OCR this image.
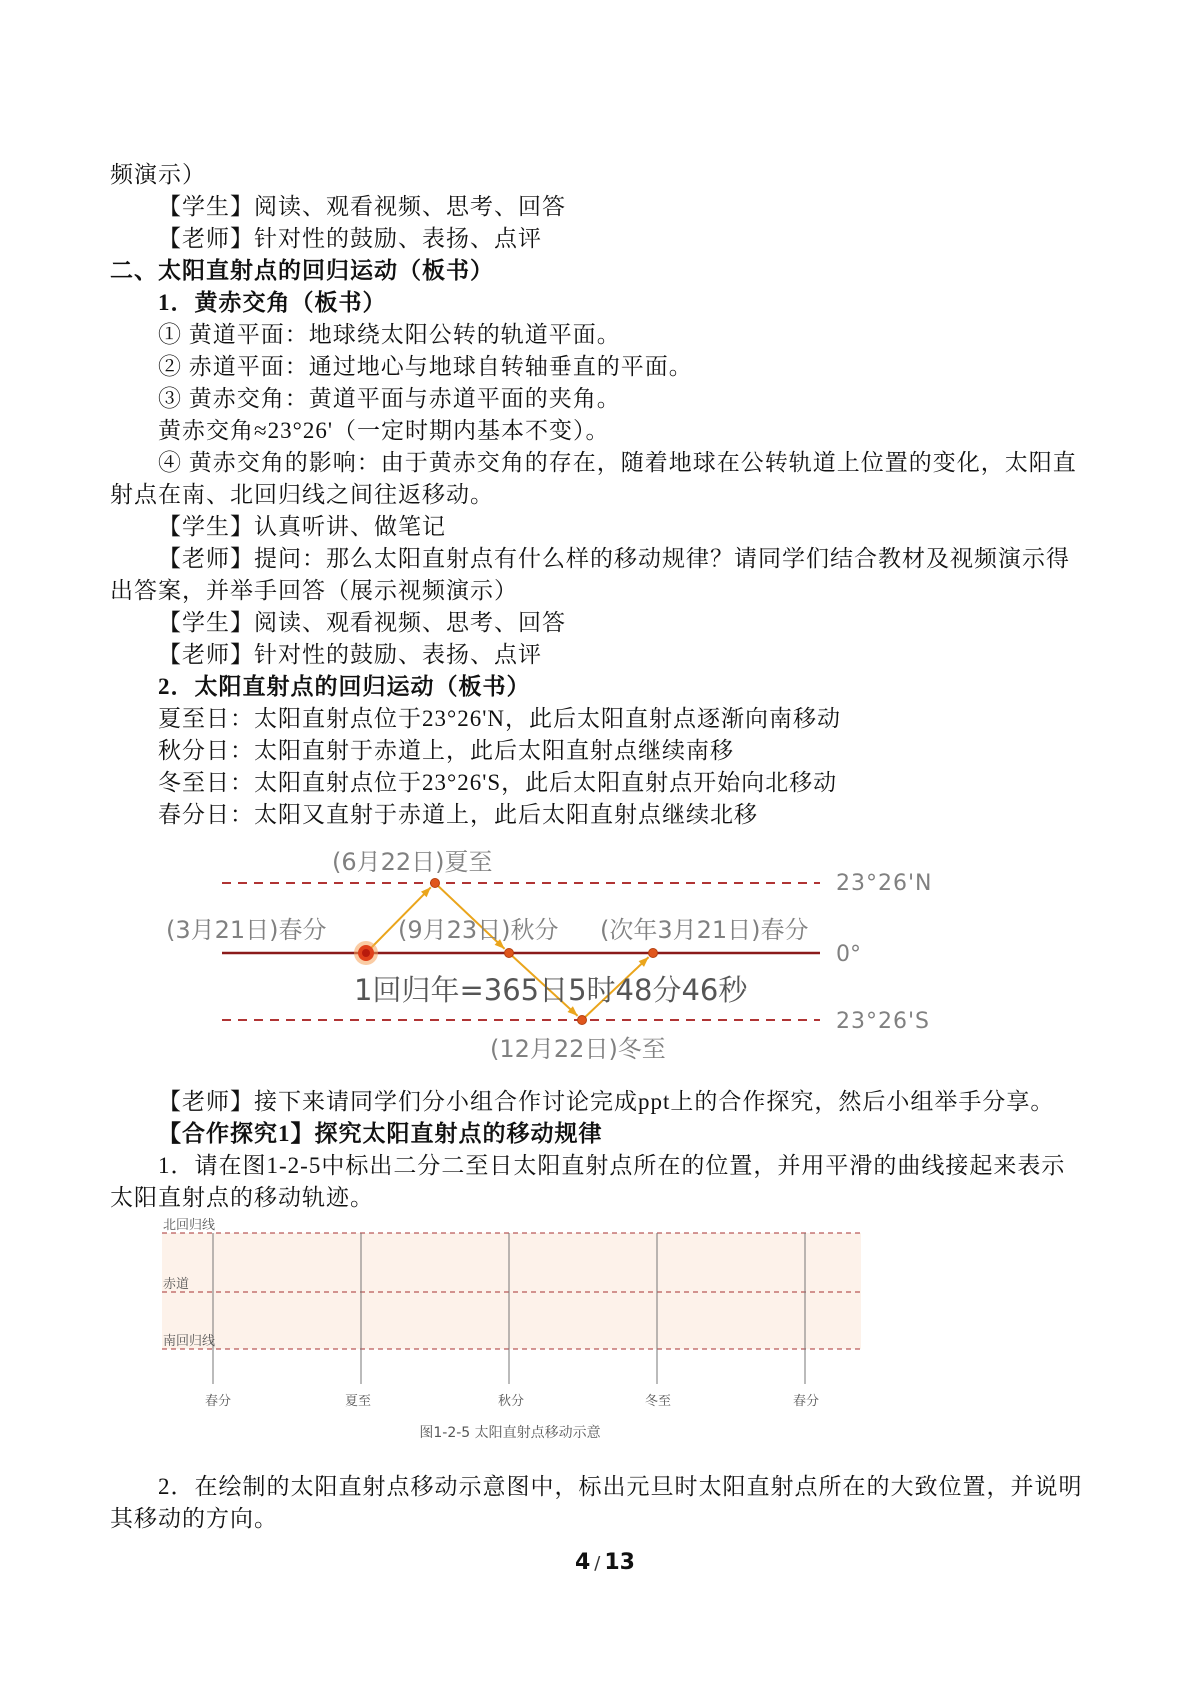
频演示）
【学生】阅读、观看视频、思考、回答
【老师】针对性的鼓励、表扬、点评
二、太阳直射点的回归运动（板书）
1．黄赤交角（板书）
① 黄道平面：地球绕太阳公转的轨道平面。
② 赤道平面：通过地心与地球自转轴垂直的平面。
③ 黄赤交角：黄道平面与赤道平面的夹角。
黄赤交角≈23°26'（一定时期内基本不变）。
④ 黄赤交角的影响：由于黄赤交角的存在，随着地球在公转轨道上位置的变化，太阳直
射点在南、北回归线之间往返移动。
【学生】认真听讲、做笔记
【老师】提问：那么太阳直射点有什么样的移动规律？请同学们结合教材及视频演示得
出答案，并举手回答（展示视频演示）
【学生】阅读、观看视频、思考、回答
【老师】针对性的鼓励、表扬、点评
2．太阳直射点的回归运动（板书）
夏至日：太阳直射点位于23°26'N，此后太阳直射点逐渐向南移动
秋分日：太阳直射于赤道上，此后太阳直射点继续南移
冬至日：太阳直射点位于23°26'S，此后太阳直射点开始向北移动
春分日：太阳又直射于赤道上，此后太阳直射点继续北移
(6月22日)夏至
(3月21日)春分	(9月23日)秋分 (次年3月21日)春分
(12月22日)冬至
23°26'N
0°
23°26'S
1回归年=365日5时48分46秒
【老师】接下来请同学们分小组合作讨论完成ppt上的合作探究，然后小组举手分享。
【合作探究1】探究太阳直射点的移动规律
1．请在图1-2-5中标出二分二至日太阳直射点所在的位置，并用平滑的曲线接起来表示
太阳直射点的移动轨迹。
北回归线
赤道
南回归线
春分	夏至	秋分	冬至	春分
图1-2-5 太阳直射点移动示意
2．在绘制的太阳直射点移动示意图中，标出元旦时太阳直射点所在的大致位置，并说明
其移动的方向。
4 / 13
